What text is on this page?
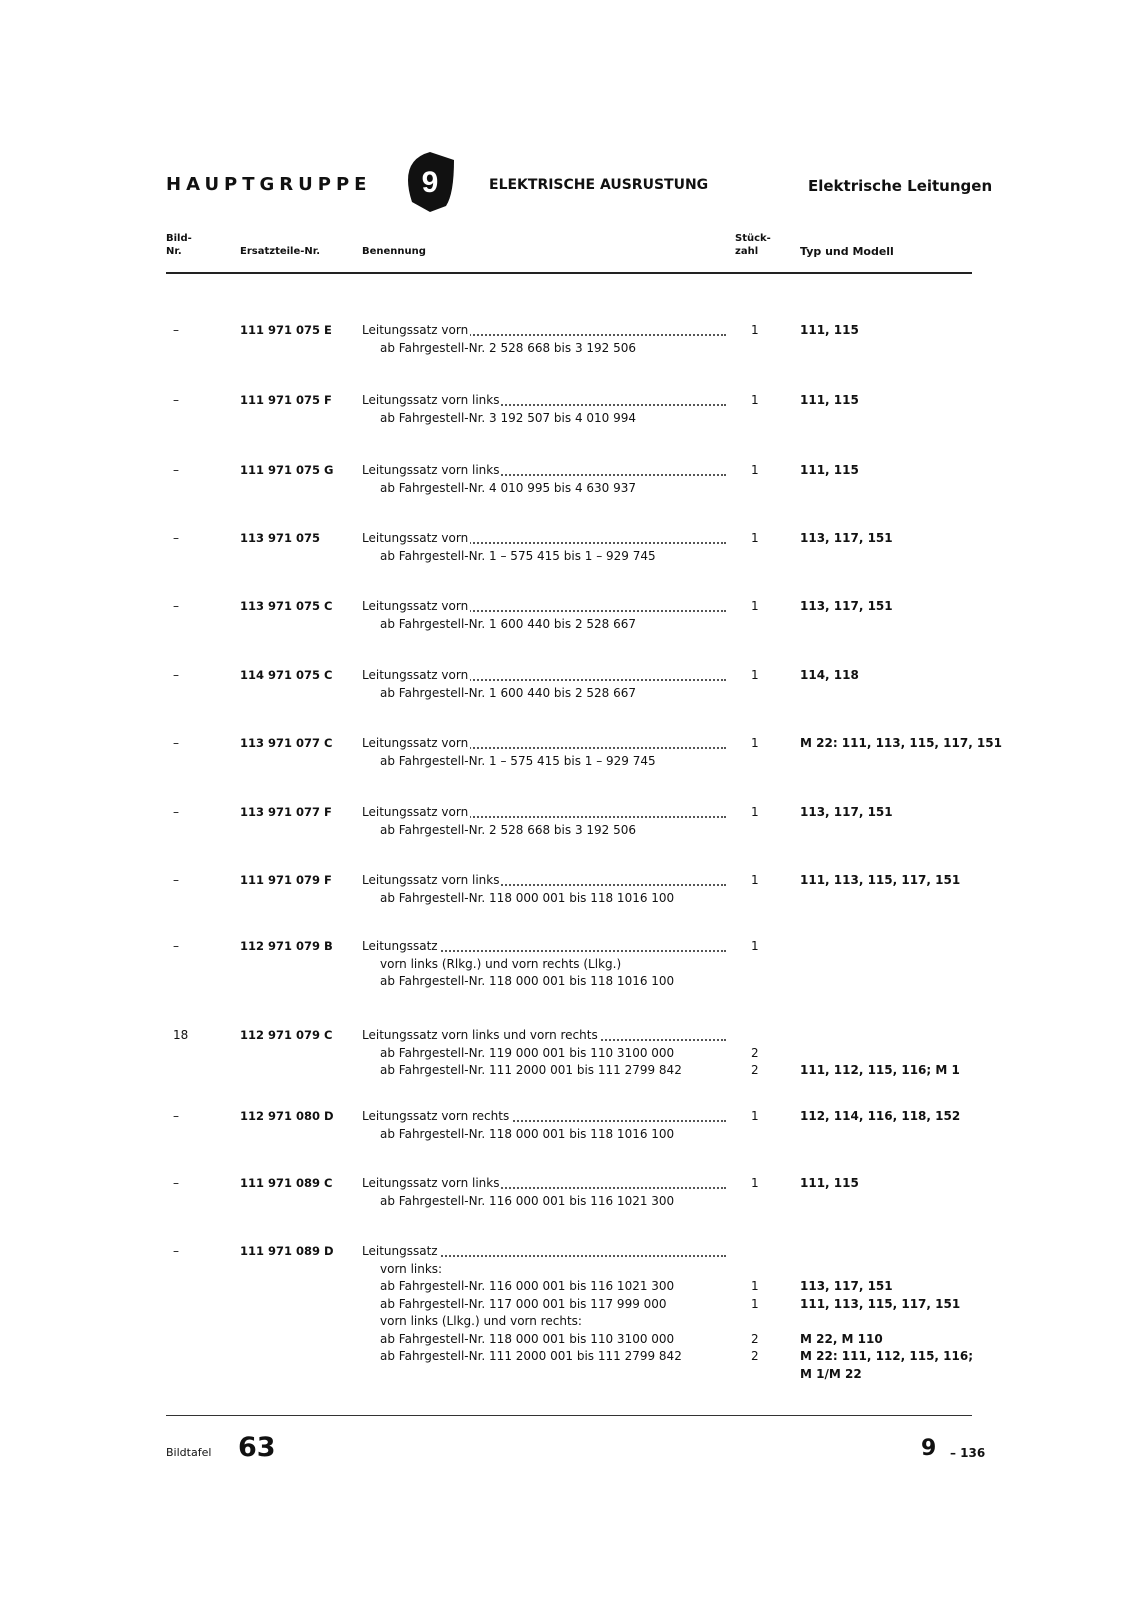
HAUPTGRUPPE 9	ELEKTRISCHE AUSRUSTUNG	Elektrische Leitungen
Bild-
Nr.	Ersatzteile-Nr.	Benennung
Stück-
zahl	Typ und Modell
–	111 971 075 E	Leitungssatz vorn	1	111, 115
ab Fahrgestell-Nr. 2 528 668 bis 3 192 506
–	111 971 075 F	Leitungssatz vorn links	1	111, 115
ab Fahrgestell-Nr. 3 192 507 bis 4 010 994
–	111 971 075 G Leitungssatz vorn links	1	111, 115
ab Fahrgestell-Nr. 4 010 995 bis 4 630 937
–	113 971 075	Leitungssatz vorn	1	113, 117, 151
ab Fahrgestell-Nr. 1 – 575 415 bis 1 – 929 745
–	113 971 075 C Leitungssatz vorn	1	113, 117, 151
ab Fahrgestell-Nr. 1 600 440 bis 2 528 667
–	114 971 075 C Leitungssatz vorn	1	114, 118
ab Fahrgestell-Nr. 1 600 440 bis 2 528 667
–	113 971 077 C Leitungssatz vorn	1	M 22: 111, 113, 115, 117, 151
ab Fahrgestell-Nr. 1 – 575 415 bis 1 – 929 745
–	113 971 077 F	Leitungssatz vorn	1	113, 117, 151
ab Fahrgestell-Nr. 2 528 668 bis 3 192 506
–	111 971 079 F	Leitungssatz vorn links	1	111, 113, 115, 117, 151
ab Fahrgestell-Nr. 118 000 001 bis 118 1016 100
–	112 971 079 B Leitungssatz	1
vorn links (Rlkg.) und vorn rechts (Llkg.)
ab Fahrgestell-Nr. 118 000 001 bis 118 1016 100
18	112 971 079 C Leitungssatz vorn links und vorn rechts
ab Fahrgestell-Nr. 119 000 001 bis 110 3100 000	2
ab Fahrgestell-Nr. 111 2000 001 bis 111 2799 842	2	111, 112, 115, 116; M 1
–	112 971 080 D Leitungssatz vorn rechts	1	112, 114, 116, 118, 152
ab Fahrgestell-Nr. 118 000 001 bis 118 1016 100
–	111 971 089 C Leitungssatz vorn links	1	111, 115
ab Fahrgestell-Nr. 116 000 001 bis 116 1021 300
–	111 971 089 D Leitungssatz
vorn links:
ab Fahrgestell-Nr. 116 000 001 bis 116 1021 300	1	113, 117, 151
ab Fahrgestell-Nr. 117 000 001 bis 117 999 000	1	111, 113, 115, 117, 151
vorn links (Llkg.) und vorn rechts:
ab Fahrgestell-Nr. 118 000 001 bis 110 3100 000	2	M 22, M 110
ab Fahrgestell-Nr. 111 2000 001 bis 111 2799 842	2	M 22: 111, 112, 115, 116;
M 1/M 22
Bildtafel 63	9 – 136
